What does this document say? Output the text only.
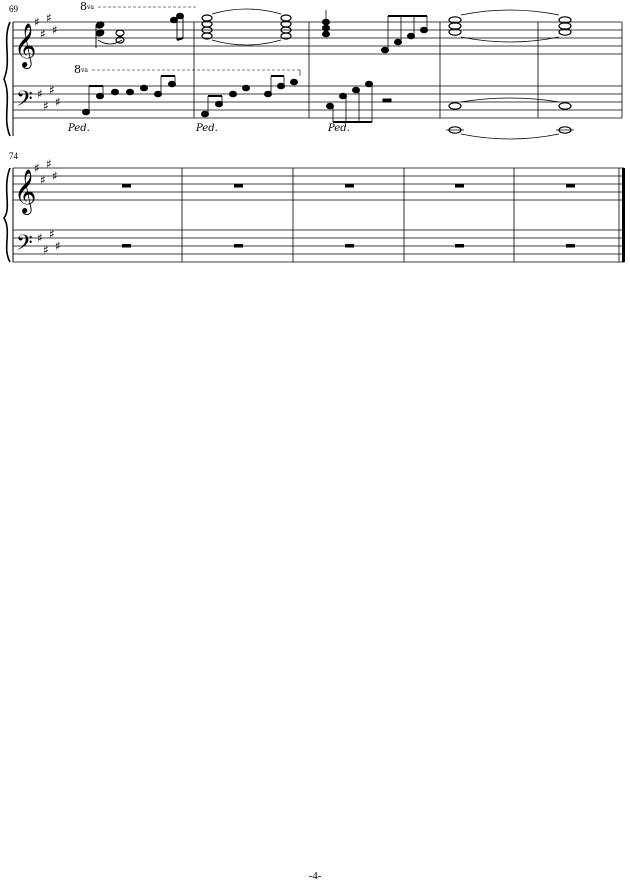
69
74
𝄞
𝄢
♯
♯
♯
♯
♯
♯
♯
♯
8va
8va
Ped.	Ped.	Ped.
𝄞
𝄢
♯
♯
♯
♯
♯
♯
♯
♯
-4-
